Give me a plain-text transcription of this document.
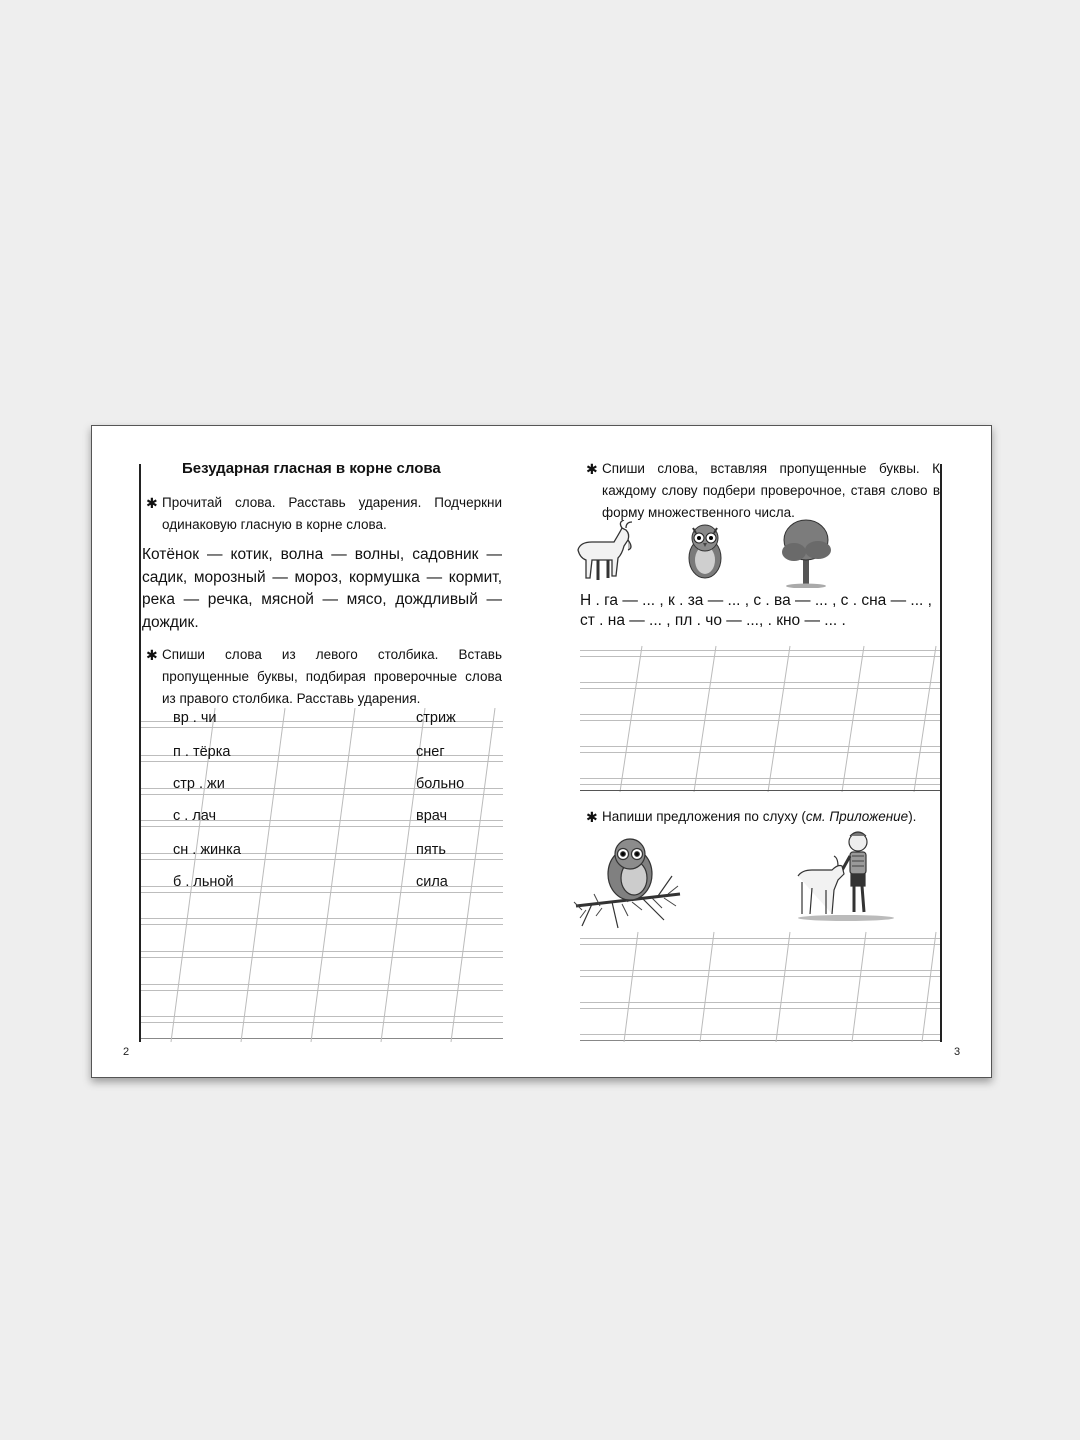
Безударная гласная в корне слова
✱ Прочитай слова. Расставь ударения. Подчеркни одинаковую гласную в корне слова.
Котёнок — котик, волна — волны, садовник — садик, морозный — мороз, кормушка — кормит, река — речка, мясной — мясо, дождливый — дождик.
✱ Спиши слова из левого столбика. Вставь пропущенные буквы, подбирая проверочные слова из правого столбика. Расставь ударения.
вр . чи
п . тёрка
стр . жи
с . лач
сн . жинка
б . льной
стриж
снег
больно
врач
пять
сила
2
✱ Спиши слова, вставляя пропущенные буквы. К каждому слову подбери проверочное, ставя слово в форму множественного числа.
Н . га — ... , к . за — ... , с . ва — ... , с . сна — ... ,
ст . на — ... , пл . чо — ..., . кно — ... .
✱ Напиши предложения по слуху (см. Приложение).
3
